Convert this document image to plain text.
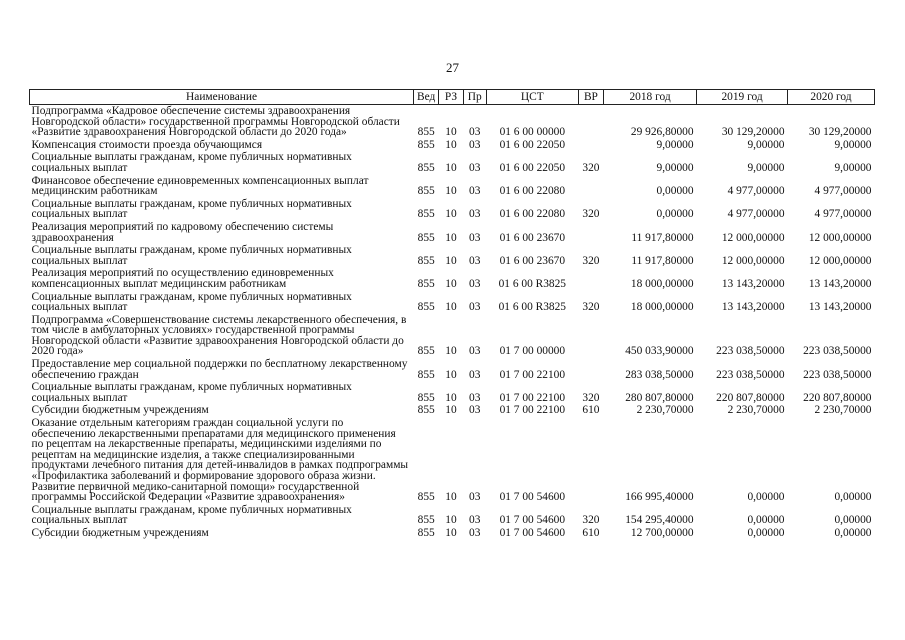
27
Наименование	Вед	РЗ	Пр	ЦСТ	ВР	2018 год	2019 год	2020 год
Подпрограмма «Кадровое обеспечение системы здравоохранения Новгородской области» государственной программы Новгородской области «Развитие здравоохранения Новгородской области до 2020 года»	855	10	03	01 6 00 00000		29 926,80000	30 129,20000	30 129,20000
Компенсация стоимости проезда обучающимся	855	10	03	01 6 00 22050		9,00000	9,00000	9,00000
Социальные выплаты гражданам, кроме публичных нормативных социальных выплат	855	10	03	01 6 00 22050	320	9,00000	9,00000	9,00000
Финансовое обеспечение единовременных компенсационных выплат медицинским работникам	855	10	03	01 6 00 22080		0,00000	4 977,00000	4 977,00000
Социальные выплаты гражданам, кроме публичных нормативных социальных выплат	855	10	03	01 6 00 22080	320	0,00000	4 977,00000	4 977,00000
Реализация мероприятий по кадровому обеспечению системы здравоохранения	855	10	03	01 6 00 23670		11 917,80000	12 000,00000	12 000,00000
Социальные выплаты гражданам, кроме публичных нормативных социальных выплат	855	10	03	01 6 00 23670	320	11 917,80000	12 000,00000	12 000,00000
Реализация мероприятий по осуществлению единовременных компенсационных выплат медицинским работникам	855	10	03	01 6 00 R3825		18 000,00000	13 143,20000	13 143,20000
Социальные выплаты гражданам, кроме публичных нормативных социальных выплат	855	10	03	01 6 00 R3825	320	18 000,00000	13 143,20000	13 143,20000
Подпрограмма «Совершенствование системы лекарственного обеспечения, в том числе в амбулаторных условиях» государственной программы Новгородской области «Развитие здравоохранения Новгородской области до 2020 года»	855	10	03	01 7 00 00000		450 033,90000	223 038,50000	223 038,50000
Предоставление мер социальной поддержки по бесплатному лекарственному обеспечению граждан	855	10	03	01 7 00 22100		283 038,50000	223 038,50000	223 038,50000
Социальные выплаты гражданам, кроме публичных нормативных социальных выплат	855	10	03	01 7 00 22100	320	280 807,80000	220 807,80000	220 807,80000
Субсидии бюджетным учреждениям	855	10	03	01 7 00 22100	610	2 230,70000	2 230,70000	2 230,70000
Оказание отдельным категориям граждан социальной услуги по обеспечению лекарственными препаратами для медицинского применения по рецептам на лекарственные препараты, медицинскими изделиями по рецептам на медицинские изделия, а также специализированными продуктами лечебного питания для детей-инвалидов в рамках подпрограммы «Профилактика заболеваний и формирование здорового образа жизни. Развитие первичной медико-санитарной помощи» государственной программы Российской Федерации «Развитие здравоохранения»	855	10	03	01 7 00 54600		166 995,40000	0,00000	0,00000
Социальные выплаты гражданам, кроме публичных нормативных социальных выплат	855	10	03	01 7 00 54600	320	154 295,40000	0,00000	0,00000
Субсидии бюджетным учреждениям	855	10	03	01 7 00 54600	610	12 700,00000	0,00000	0,00000
